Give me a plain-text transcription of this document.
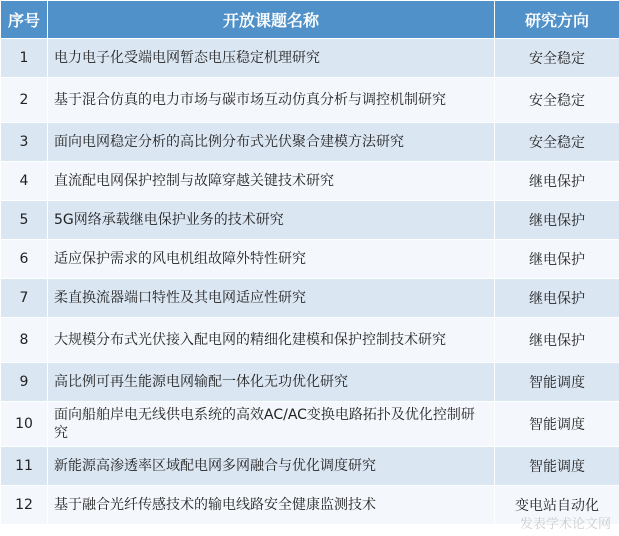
序号	开放课题名称	研究方向
1	电力电子化受端电网暂态电压稳定机理研究	安全稳定
2	基于混合仿真的电力市场与碳市场互动仿真分析与调控机制研究	安全稳定
3	面向电网稳定分析的高比例分布式光伏聚合建模方法研究	安全稳定
4	直流配电网保护控制与故障穿越关键技术研究	继电保护
5	5G网络承载继电保护业务的技术研究	继电保护
6	适应保护需求的风电机组故障外特性研究	继电保护
7	柔直换流器端口特性及其电网适应性研究	继电保护
8	大规模分布式光伏接入配电网的精细化建模和保护控制技术研究	继电保护
9	高比例可再生能源电网输配一体化无功优化研究	智能调度
10	面向船舶岸电无线供电系统的高效AC/AC变换电路拓扑及优化控制研究	智能调度
11	新能源高渗透率区域配电网多网融合与优化调度研究	智能调度
12	基于融合光纤传感技术的输电线路安全健康监测技术	变电站自动化
发表学术论文网
